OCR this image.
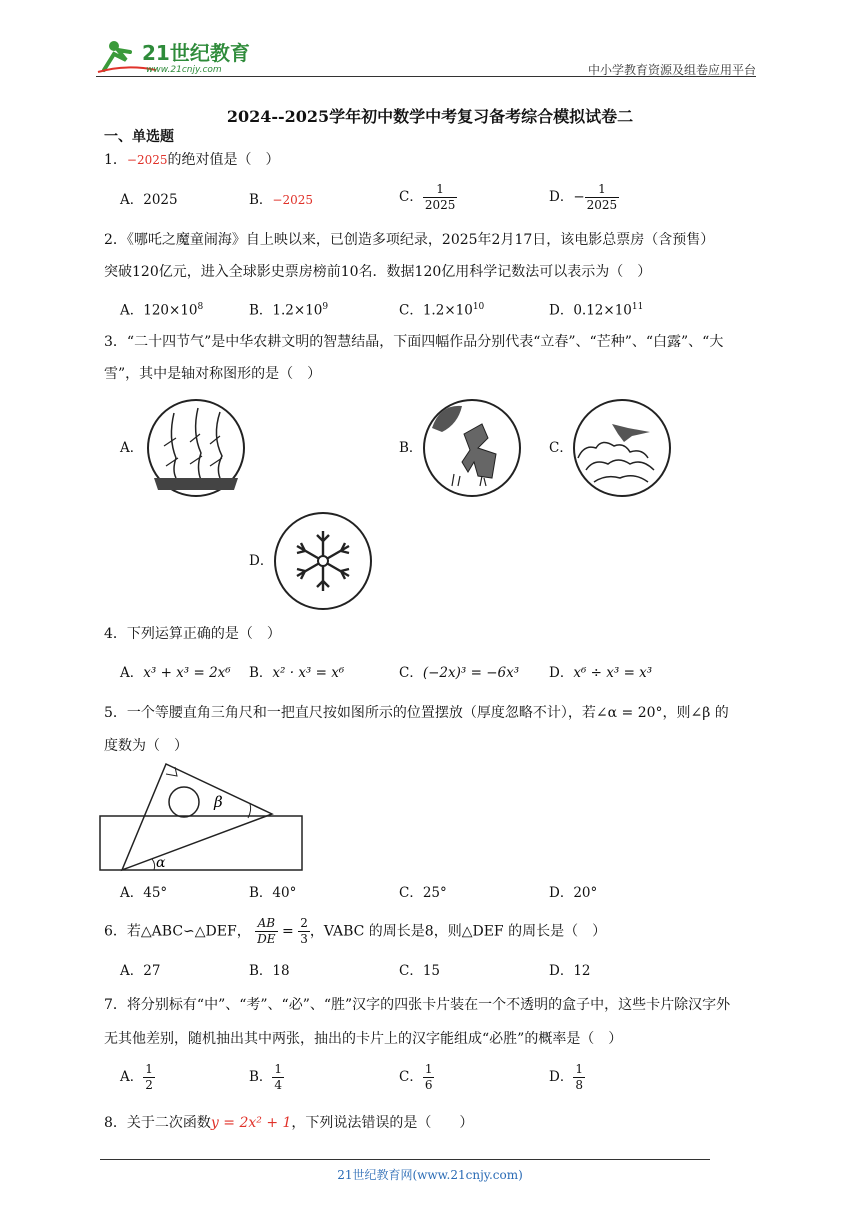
21世纪教育
www.21cnjy.com	中小学教育资源及组卷应用平台
2024--2025学年初中数学中考复习备考综合模拟试卷二
一、单选题
1．−2025的绝对值是（　）
A．2025	B．−2025	C． $\frac{1}{2025}$	D．− $\frac{1}{2025}$
2．《哪吒之魔童闹海》自上映以来，已创造多项纪录，2025年2月17日，该电影总票房（含预售）
突破120亿元，进入全球影史票房榜前10名．数据120亿用科学记数法可以表示为（　）
A．$120\times 10^8$	B．$1.2\times 10^9$	C．$1.2\times 10^{10}$	D．$0.12\times 10^{11}$
3．“二十四节气”是中华农耕文明的智慧结晶，下面四幅作品分别代表“立春”、“芒种”、“白露”、“大
雪”，其中是轴对称图形的是（　）
A．	B．	C．
D．
4．下列运算正确的是（　）
A．x³ + x³ = 2x⁶ B．x² · x³ = x⁶	C．(−2x)³ = −6x³ D．x⁶ ÷ x³ = x³
5．一个等腰直角三角尺和一把直尺按如图所示的位置摆放（厚度忽略不计），若∠α = 20°，则∠β 的
度数为（　）
α
β
A．45°	B．40°	C．25°	D．20°
6．若△ABC∽△DEF， $\frac{AB}{DE} = \frac{2}{3}$ ，VABC 的周长是8，则△DEF 的周长是（　）
A．27	B．18	C．15	D．12
7．将分别标有“中”、“考”、“必”、“胜”汉字的四张卡片装在一个不透明的盒子中，这些卡片除汉字外
无其他差别，随机抽出其中两张，抽出的卡片上的汉字能组成“必胜”的概率是（　）
A． $\frac{1}{2}$	B． $\frac{1}{4}$	C． $\frac{1}{6}$	D． $\frac{1}{8}$
8．关于二次函数y = 2x² + 1，下列说法错误的是（　　）
21世纪教育网(www.21cnjy.com)
